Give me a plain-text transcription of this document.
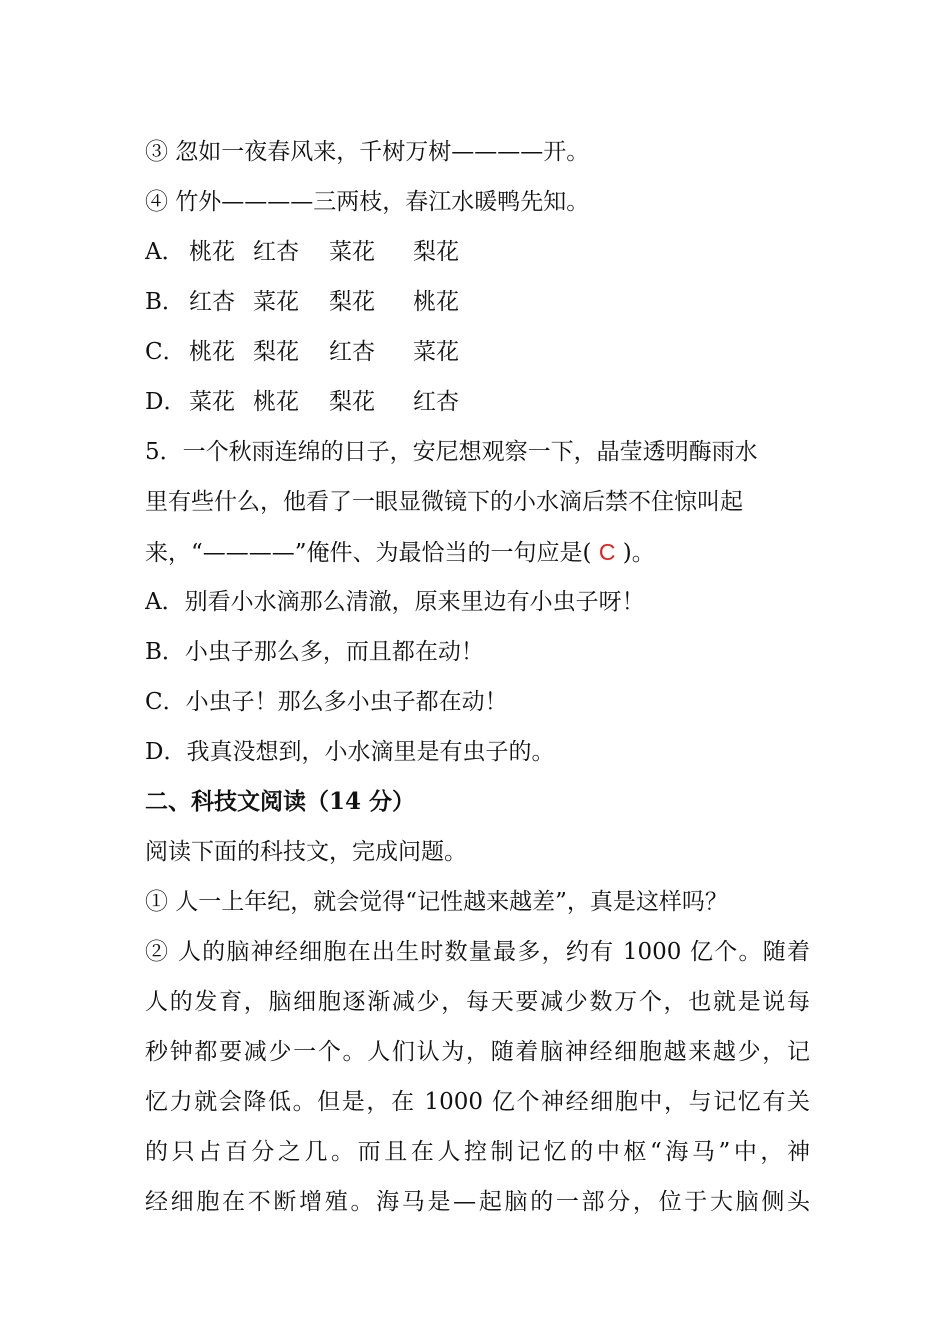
③ 忽如一夜春风来，千树万树————开。
④ 竹外————三两枝，春江水暖鸭先知。
A． 桃花 红杏 菜花 梨花
B． 红杏 菜花 梨花 桃花
C． 桃花 梨花 红杏 菜花
D． 菜花 桃花 梨花 红杏
5．一个秋雨连绵的日子，安尼想观察一下，晶莹透明酶雨水
里有些什么，他看了一眼显微镜下的小水滴后禁不住惊叫起
来，“————”俺件、为最恰当的一句应是( C )。
A．别看小水滴那么清澈，原来里边有小虫子呀！
B．小虫子那么多，而且都在动！
C．小虫子！那么多小虫子都在动！
D．我真没想到，小水滴里是有虫子的。
二、科技文阅读（14 分）
阅读下面的科技文，完成问题。
① 人一上年纪，就会觉得“记性越来越差”，真是这样吗？
② 人的脑神经细胞在出生时数量最多，约有 1000 亿个。随着
人的发育，脑细胞逐渐减少，每天要减少数万个，也就是说每
秒钟都要减少一个。人们认为，随着脑神经细胞越来越少，记
忆力就会降低。但是，在 1000 亿个神经细胞中，与记忆有关
的只占百分之几。而且在人控制记忆的中枢“海马”中，神
经细胞在不断增殖。海马是—起脑的一部分，位于大脑侧头
